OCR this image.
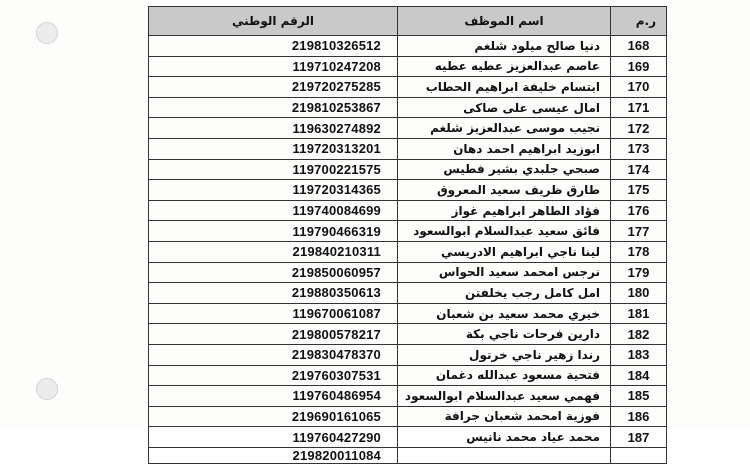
ر.م	اسم الموظف	الرقم الوطني
168	دنيا صالح ميلود شلغم	219810326512
169	عاصم عبدالعزيز عطيه عطيه	119710247208
170	ابتسام خليفة ابراهيم الحطاب	219720275285
171	امال عيسى على صاكى	219810253867
172	نجيب موسى عبدالعزيز شلغم	119630274892
173	ابوزيد ابراهيم احمد دهان	119720313201
174	صبحي جلبدي بشير فطيس	119700221575
175	طارق ظريف سعيد المعروق	119720314365
176	فؤاد الطاهر ابراهيم غواز	119740084699
177	فائق سعيد عبدالسلام ابوالسعود	119790466319
178	لينا ناجي ابراهيم الادريسي	219840210311
179	نرجس امحمد سعيد الحواس	219850060957
180	امل كامل رجب يخلفتن	219880350613
181	خيري محمد سعيد بن شعبان	119670061087
182	دارين فرحات ناجي بكة	219800578217
183	رندا زهير ناجي خرتول	219830478370
184	فتحية مسعود عبدالله دغمان	219760307531
185	فهمي سعيد عبدالسلام ابوالسعود	119760486954
186	فوزية امحمد شعبان جرافة	219690161065
187	محمد عياد محمد نانيس	119760427290
		219820011084
